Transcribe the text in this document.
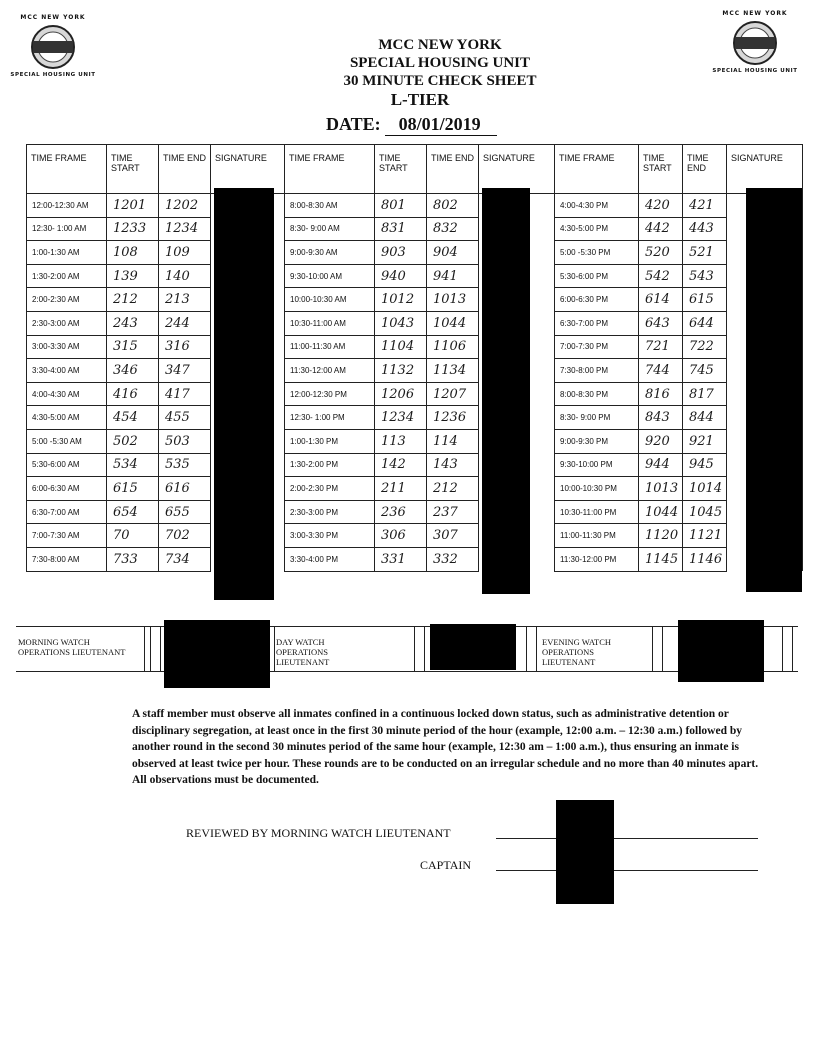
MCC NEW YORK
SPECIAL HOUSING UNIT
MCC NEW YORK
SPECIAL HOUSING UNIT
MCC NEW YORK
SPECIAL HOUSING UNIT
30 MINUTE CHECK SHEET
L-TIER
DATE: 08/01/2019
TIME FRAME	TIME START	TIME END	SIGNATURE	TIME FRAME	TIME START	TIME END	SIGNATURE	TIME FRAME	TIME START	TIME END	SIGNATURE
12:00-12:30 AM	1201	1202		8:00-8:30 AM	801	802		4:00-4:30 PM	420	421	
12:30- 1:00 AM	1233	1234		8:30- 9:00 AM	831	832		4:30-5:00 PM	442	443	
1:00-1:30 AM	108	109		9:00-9:30 AM	903	904		5:00 -5:30 PM	520	521	
1:30-2:00 AM	139	140		9:30-10:00 AM	940	941		5:30-6:00 PM	542	543	
2:00-2:30 AM	212	213		10:00-10:30 AM	1012	1013		6:00-6:30 PM	614	615	
2:30-3:00 AM	243	244		10:30-11:00 AM	1043	1044		6:30-7:00 PM	643	644	
3:00-3:30 AM	315	316		11:00-11:30 AM	1104	1106		7:00-7:30 PM	721	722	
3:30-4:00 AM	346	347		11:30-12:00 AM	1132	1134		7:30-8:00 PM	744	745	
4:00-4:30 AM	416	417		12:00-12:30 PM	1206	1207		8:00-8:30 PM	816	817	
4:30-5:00 AM	454	455		12:30- 1:00 PM	1234	1236		8:30- 9:00 PM	843	844	
5:00 -5:30 AM	502	503		1:00-1:30 PM	113	114		9:00-9:30 PM	920	921	
5:30-6:00 AM	534	535		1:30-2:00 PM	142	143		9:30-10:00 PM	944	945	
6:00-6:30 AM	615	616		2:00-2:30 PM	211	212		10:00-10:30 PM	1013	1014	
6:30-7:00 AM	654	655		2:30-3:00 PM	236	237		10:30-11:00 PM	1044	1045	
7:00-7:30 AM	70	702		3:00-3:30 PM	306	307		11:00-11:30 PM	1120	1121	
7:30-8:00 AM	733	734		3:30-4:00 PM	331	332		11:30-12:00 PM	1145	1146	
MORNING WATCH OPERATIONS LIEUTENANT
DAY WATCH OPERATIONS LIEUTENANT
EVENING WATCH OPERATIONS LIEUTENANT
A staff member must observe all inmates confined in a continuous locked down status, such as administrative detention or disciplinary segregation, at least once in the first 30 minute period of the hour (example, 12:00 a.m. – 12:30 a.m.) followed by another round in the second 30 minutes period of the same hour (example, 12:30 am – 1:00 a.m.), thus ensuring an inmate is observed at least twice per hour. These rounds are to be conducted on an irregular schedule and no more than 40 minutes apart. All observations must be documented.
REVIEWED BY MORNING WATCH LIEUTENANT
CAPTAIN
